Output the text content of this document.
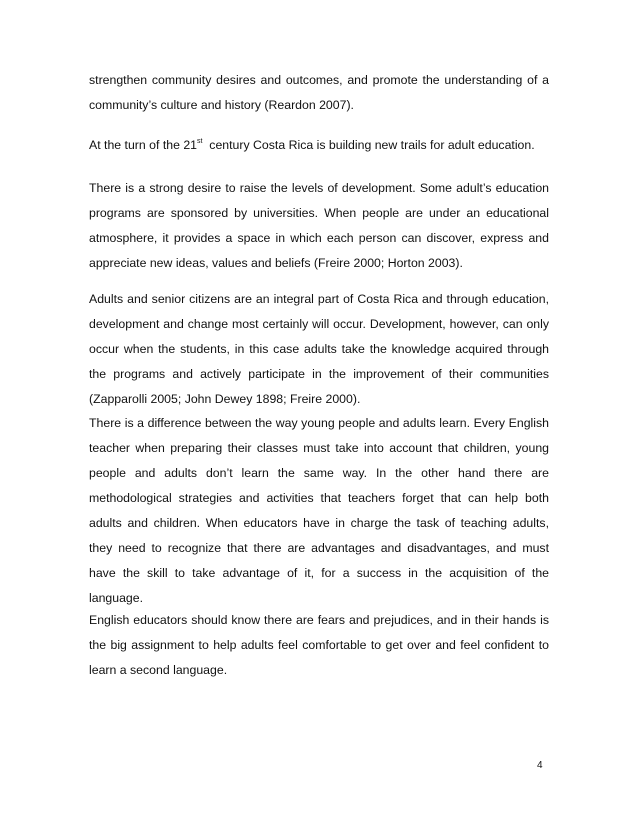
strengthen community desires and outcomes, and promote the understanding of a community’s culture and history (Reardon 2007).

At the turn of the 21st  century Costa Rica is building new trails for adult education.

There is a strong desire to raise the levels of development. Some adult’s education programs are sponsored by universities. When people are under an educational atmosphere, it provides a space in which each person can discover, express and appreciate new ideas, values and beliefs (Freire 2000; Horton 2003).

Adults and senior citizens are an integral part of Costa Rica and through education, development and change most certainly will occur. Development, however, can only occur when the students, in this case adults take the knowledge acquired through the programs and actively participate in the improvement of their communities (Zapparolli 2005; John Dewey 1898; Freire 2000).

There is a difference between the way young people and adults learn. Every English teacher when preparing their classes must take into account that children, young people and adults don’t learn the same way. In the other hand there are methodological strategies and activities that teachers forget that can help both adults and children. When educators have in charge the task of teaching adults, they need to recognize that there are advantages and disadvantages, and must have the skill to take advantage of it, for a success in the acquisition of the language.

English educators should know there are fears and prejudices, and in their hands is the big assignment to help adults feel comfortable to get over and feel confident to learn a second language.

4
